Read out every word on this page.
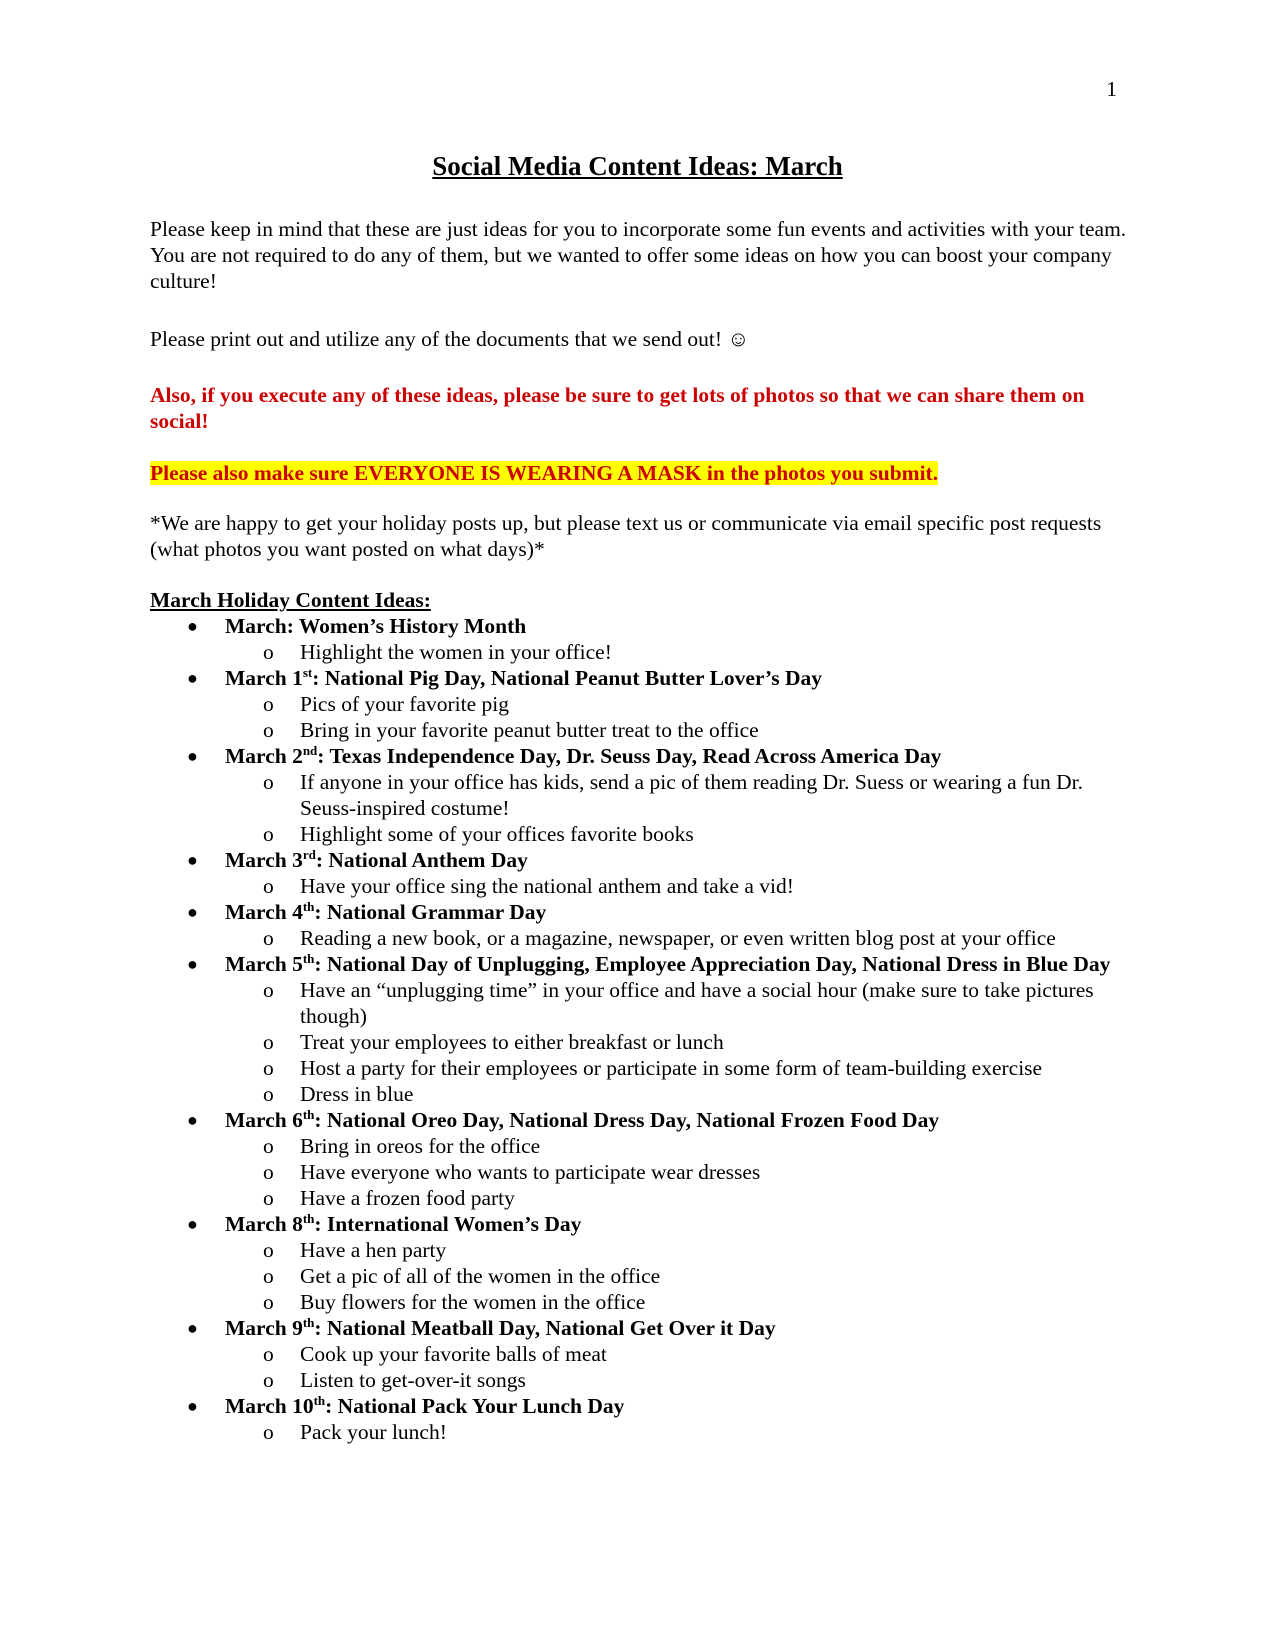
1
Social Media Content Ideas: March

Please keep in mind that these are just ideas for you to incorporate some fun events and activities with your team. You are not required to do any of them, but we wanted to offer some ideas on how you can boost your company culture!

Please print out and utilize any of the documents that we send out! ☺

Also, if you execute any of these ideas, please be sure to get lots of photos so that we can share them on social!

Please also make sure EVERYONE IS WEARING A MASK in the photos you submit.

*We are happy to get your holiday posts up, but please text us or communicate via email specific post requests (what photos you want posted on what days)*

March Holiday Content Ideas:
● March: Women’s History Month
o Highlight the women in your office!
● March 1st: National Pig Day, National Peanut Butter Lover’s Day
o Pics of your favorite pig
o Bring in your favorite peanut butter treat to the office
● March 2nd: Texas Independence Day, Dr. Seuss Day, Read Across America Day
o If anyone in your office has kids, send a pic of them reading Dr. Suess or wearing a fun Dr. Seuss-inspired costume!
o Highlight some of your offices favorite books
● March 3rd: National Anthem Day
o Have your office sing the national anthem and take a vid!
● March 4th: National Grammar Day
o Reading a new book, or a magazine, newspaper, or even written blog post at your office
● March 5th: National Day of Unplugging, Employee Appreciation Day, National Dress in Blue Day
o Have an “unplugging time” in your office and have a social hour (make sure to take pictures though)
o Treat your employees to either breakfast or lunch
o Host a party for their employees or participate in some form of team-building exercise
o Dress in blue
● March 6th: National Oreo Day, National Dress Day, National Frozen Food Day
o Bring in oreos for the office
o Have everyone who wants to participate wear dresses
o Have a frozen food party
● March 8th: International Women’s Day
o Have a hen party
o Get a pic of all of the women in the office
o Buy flowers for the women in the office
● March 9th: National Meatball Day, National Get Over it Day
o Cook up your favorite balls of meat
o Listen to get-over-it songs
● March 10th: National Pack Your Lunch Day
o Pack your lunch!
